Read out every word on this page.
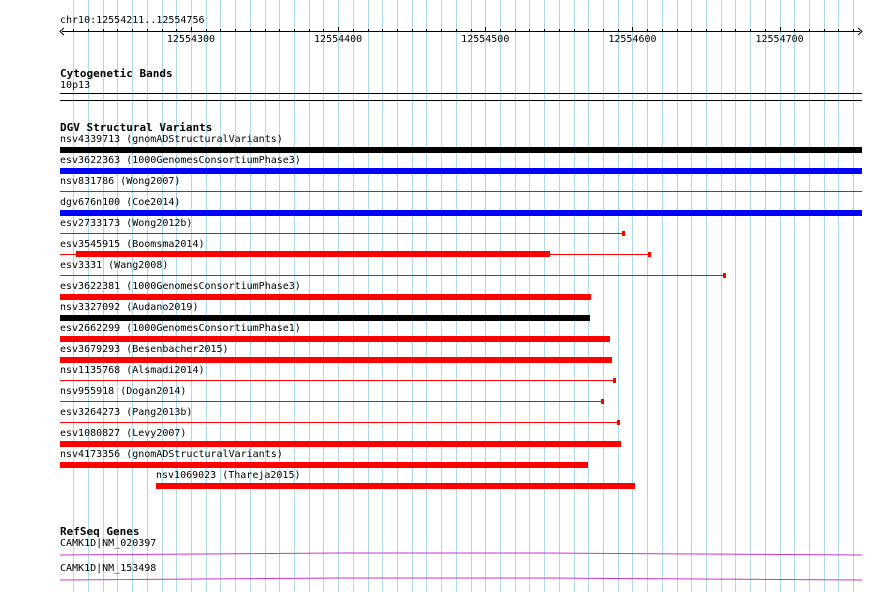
chr10:12554211..12554756
12554300	12554400	12554500	12554600	12554700
Cytogenetic Bands
10p13
DGV Structural Variants
nsv4339713 (gnomADStructuralVariants)
esv3622363 (1000GenomesConsortiumPhase3)
nsv831786 (Wong2007)
dgv676n100 (Coe2014)
esv2733173 (Wong2012b)
esv3545915 (Boomsma2014)
esv3331 (Wang2008)
esv3622381 (1000GenomesConsortiumPhase3)
nsv3327092 (Audano2019)
esv2662299 (1000GenomesConsortiumPhase1)
esv3679293 (Besenbacher2015)
nsv1135768 (Alsmadi2014)
nsv955918 (Dogan2014)
esv3264273 (Pang2013b)
esv1080827 (Levy2007)
nsv4173356 (gnomADStructuralVariants)
nsv1069023 (Thareja2015)
RefSeq Genes
CAMK1D|NM_020397
CAMK1D|NM_153498
